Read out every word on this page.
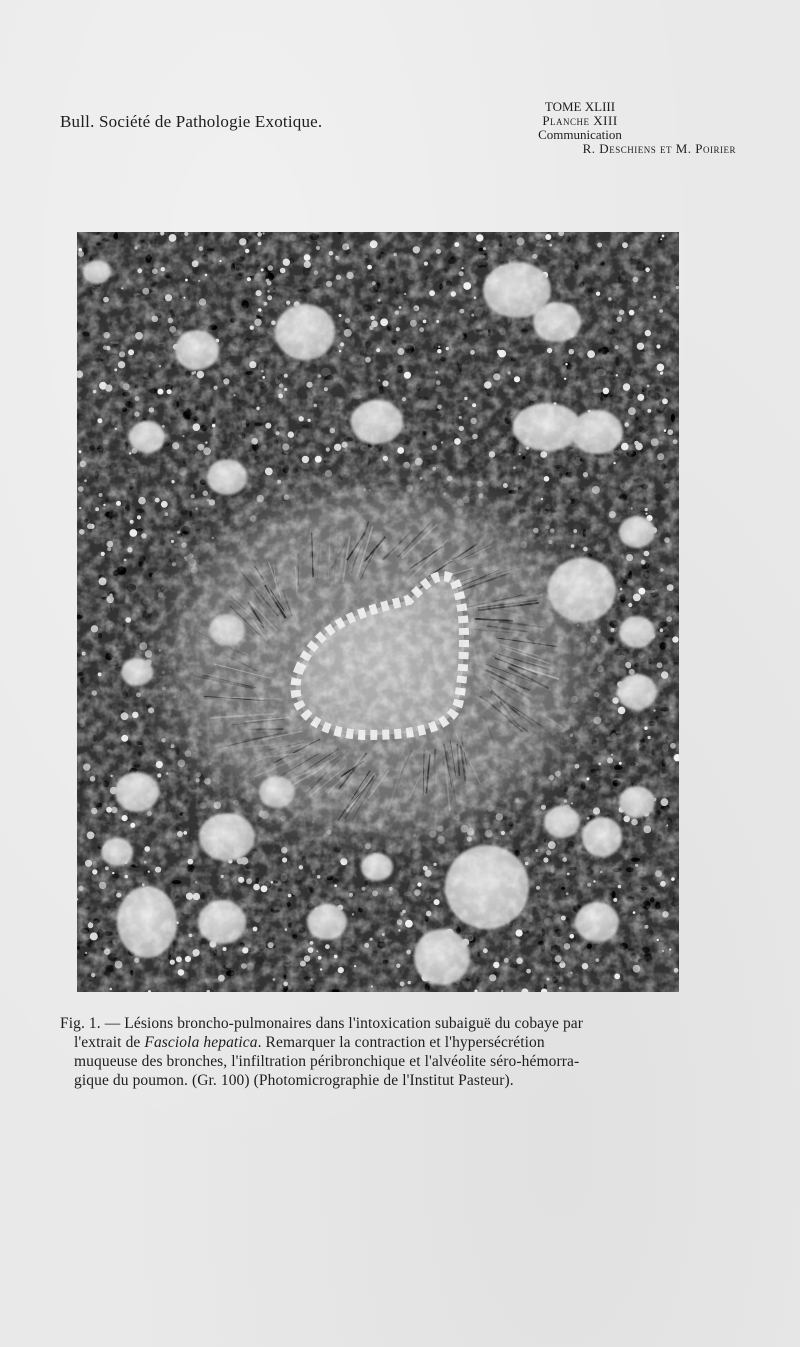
Bull. Société de Pathologie Exotique.
TOME XLIII
Planche XIII
Communication
R. Deschiens et M. Poirier
Fig. 1. — Lésions broncho-pulmonaires dans l'intoxication subaiguë du cobaye par
l'extrait de Fasciola hepatica. Remarquer la contraction et l'hypersécrétion
muqueuse des bronches, l'infiltration péribronchique et l'alvéolite séro-hémorra-
gique du poumon. (Gr. 100) (Photomicrographie de l'Institut Pasteur).
